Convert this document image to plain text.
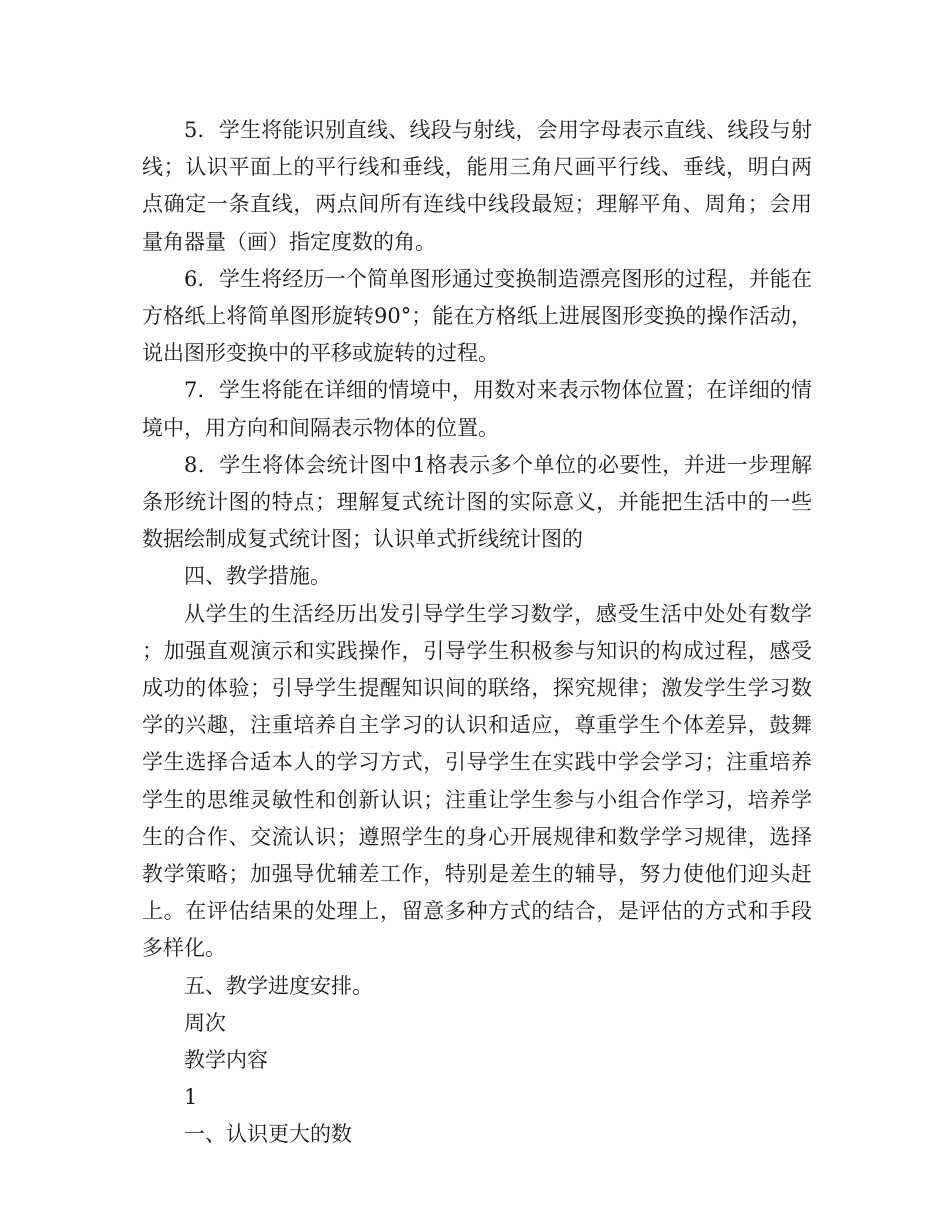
5．学生将能识别直线、线段与射线，会用字母表示直线、线段与射线；认识平面上的平行线和垂线，能用三角尺画平行线、垂线，明白两点确定一条直线，两点间所有连线中线段最短；理解平角、周角；会用量角器量（画）指定度数的角。

6．学生将经历一个简单图形通过变换制造漂亮图形的过程，并能在方格纸上将简单图形旋转90°；能在方格纸上进展图形变换的操作活动，说出图形变换中的平移或旋转的过程。

7．学生将能在详细的情境中，用数对来表示物体位置；在详细的情境中，用方向和间隔表示物体的位置。

8．学生将体会统计图中1格表示多个单位的必要性，并进一步理解条形统计图的特点；理解复式统计图的实际意义，并能把生活中的一些数据绘制成复式统计图；认识单式折线统计图的

四、教学措施。

从学生的生活经历出发引导学生学习数学，感受生活中处处有数学；加强直观演示和实践操作，引导学生积极参与知识的构成过程，感受成功的体验；引导学生提醒知识间的联络，探究规律；激发学生学习数学的兴趣，注重培养自主学习的认识和适应，尊重学生个体差异，鼓舞学生选择合适本人的学习方式，引导学生在实践中学会学习；注重培养学生的思维灵敏性和创新认识；注重让学生参与小组合作学习，培养学生的合作、交流认识；遵照学生的身心开展规律和数学学习规律，选择教学策略；加强导优辅差工作，特别是差生的辅导，努力使他们迎头赶上。在评估结果的处理上，留意多种方式的结合，是评估的方式和手段多样化。

五、教学进度安排。

周次

教学内容

1

一、认识更大的数
